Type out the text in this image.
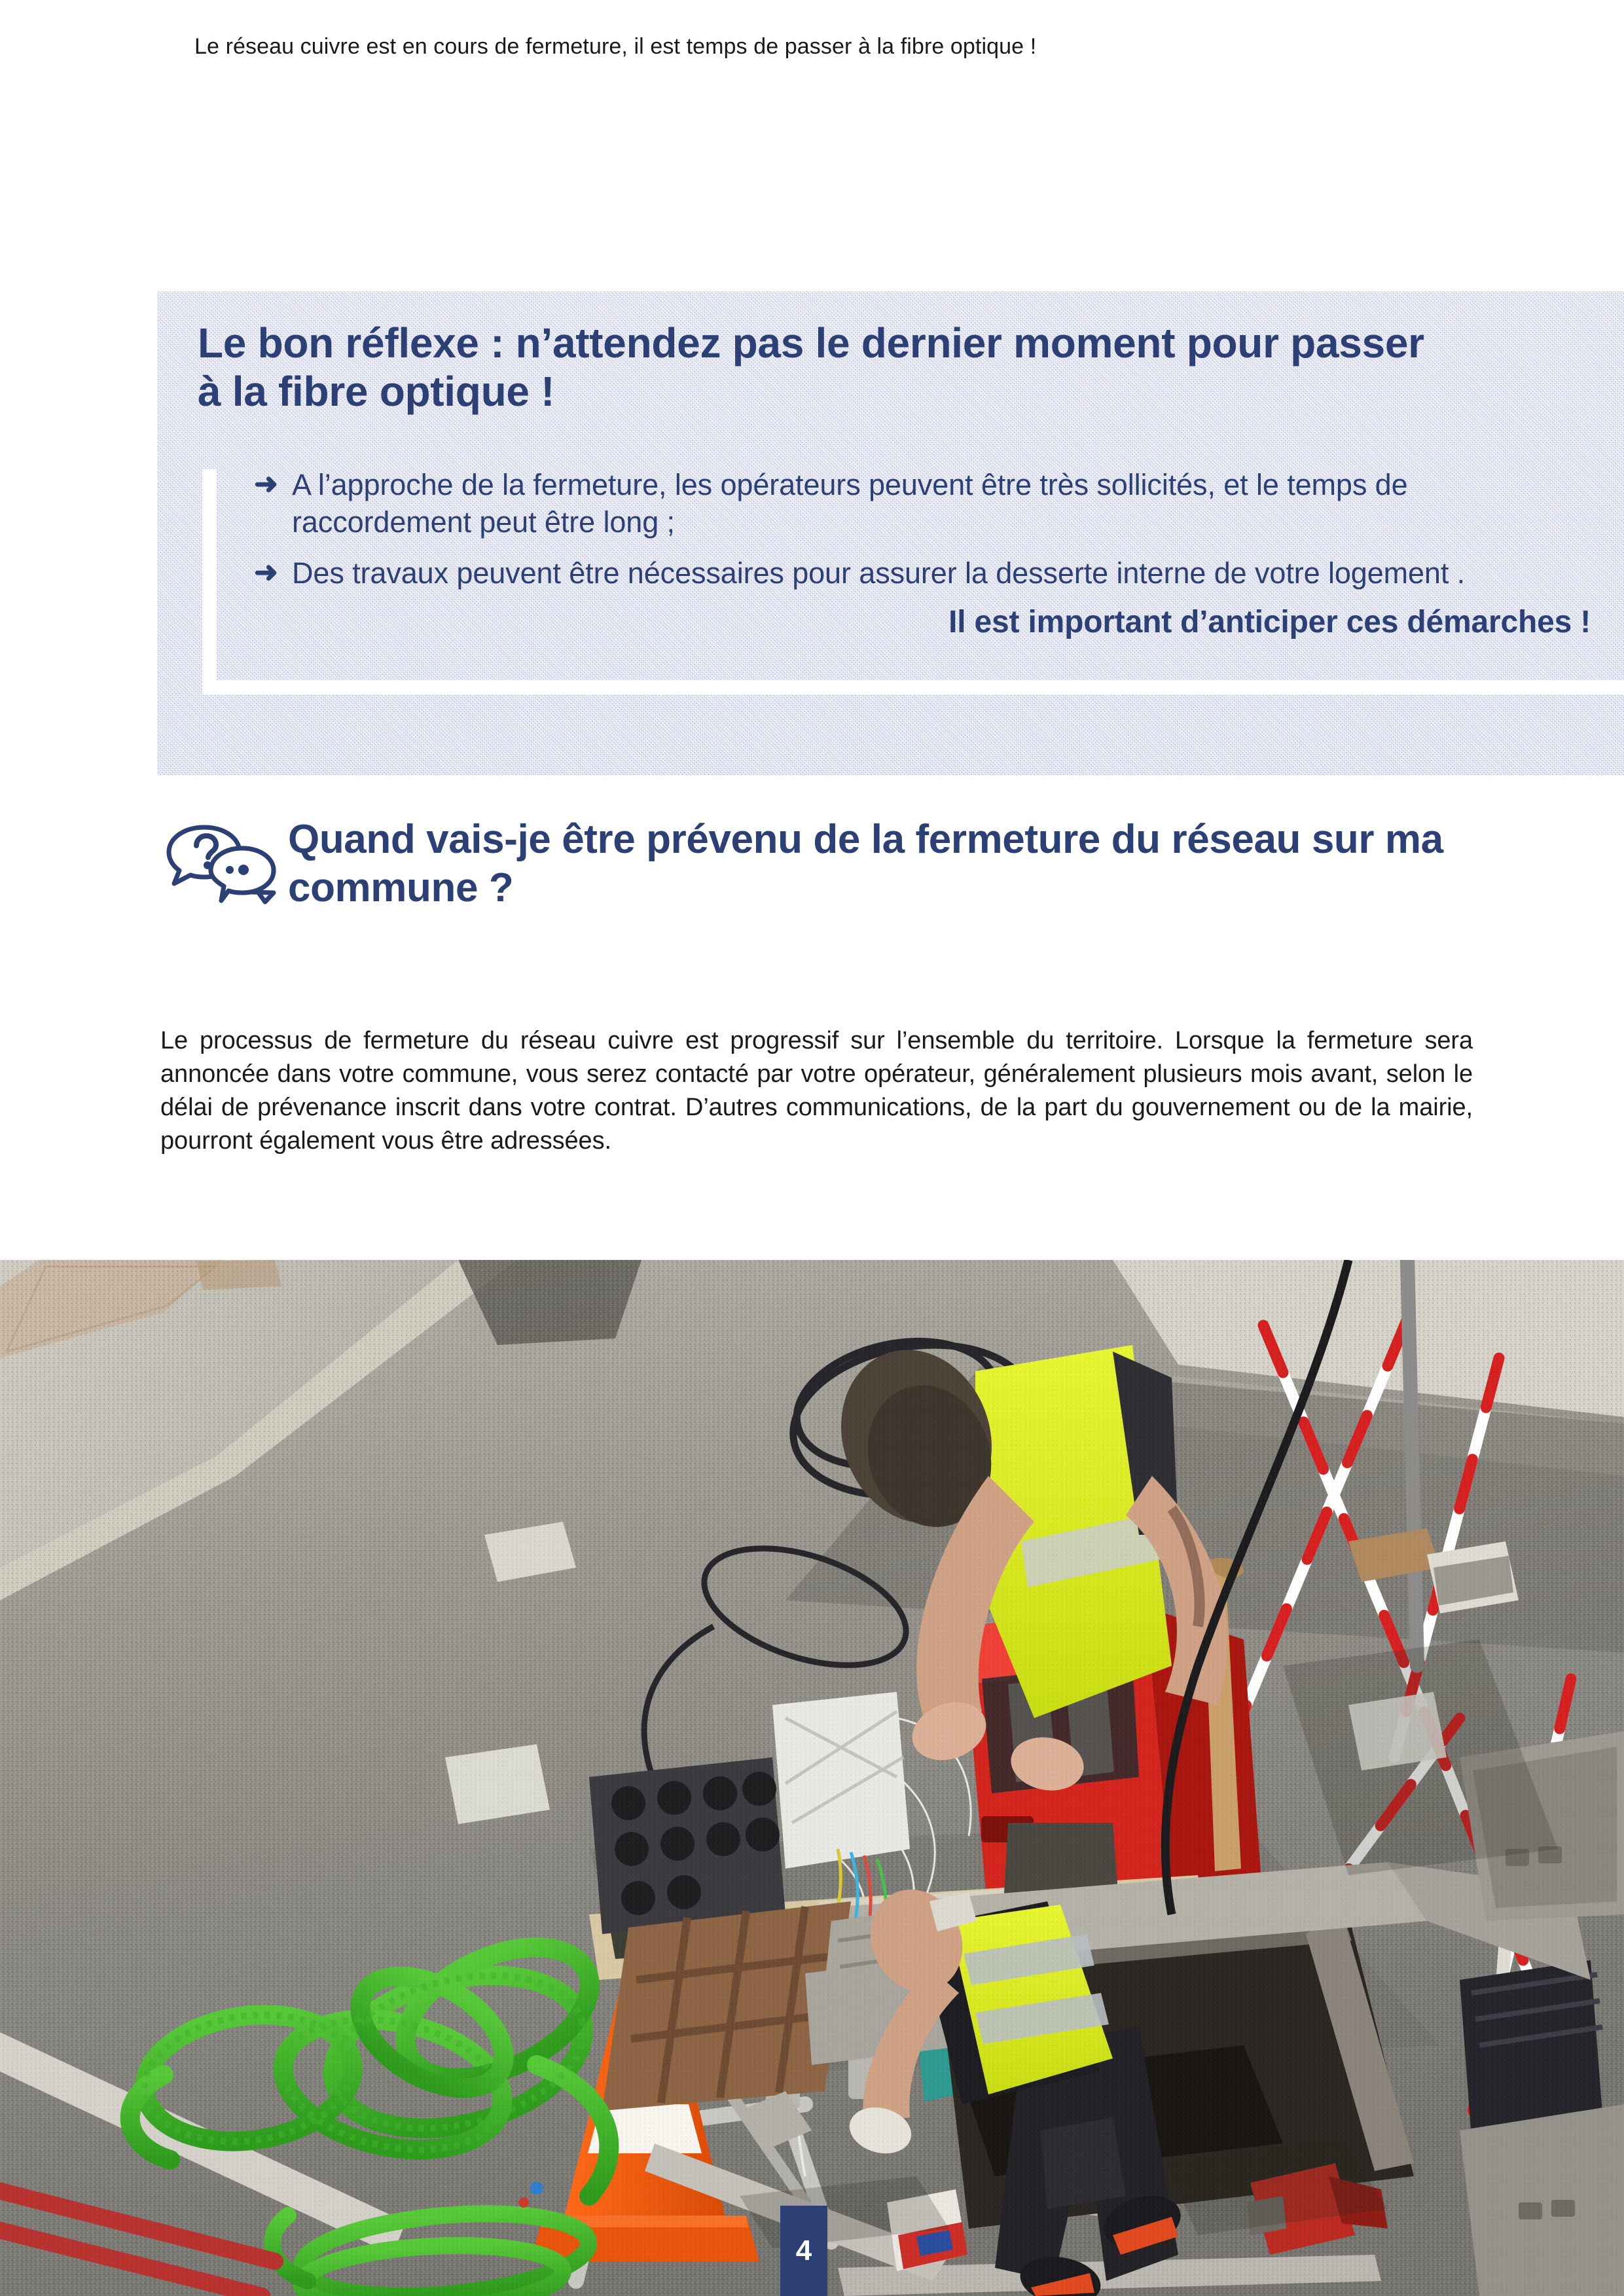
Le réseau cuivre est en cours de fermeture, il est temps de passer à la fibre optique !
Le bon réflexe : n’attendez pas le dernier moment pour passer à la fibre optique !
➜ A l’approche de la fermeture, les opérateurs peuvent être très sollicités, et le temps de raccordement peut être long ;
➜ Des travaux peuvent être nécessaires pour assurer la desserte interne de votre logement .
Il est important d’anticiper ces démarches !
Quand vais-je être prévenu de la fermeture du réseau sur ma commune ?
Le processus de fermeture du réseau cuivre est progressif sur l’ensemble du territoire. Lorsque la fermeture sera annoncée dans votre commune, vous serez contacté par votre opérateur, généralement plusieurs mois avant, selon le délai de prévenance inscrit dans votre contrat. D’autres communications, de la part du gouvernement ou de la mairie, pourront également vous être adressées.
4
